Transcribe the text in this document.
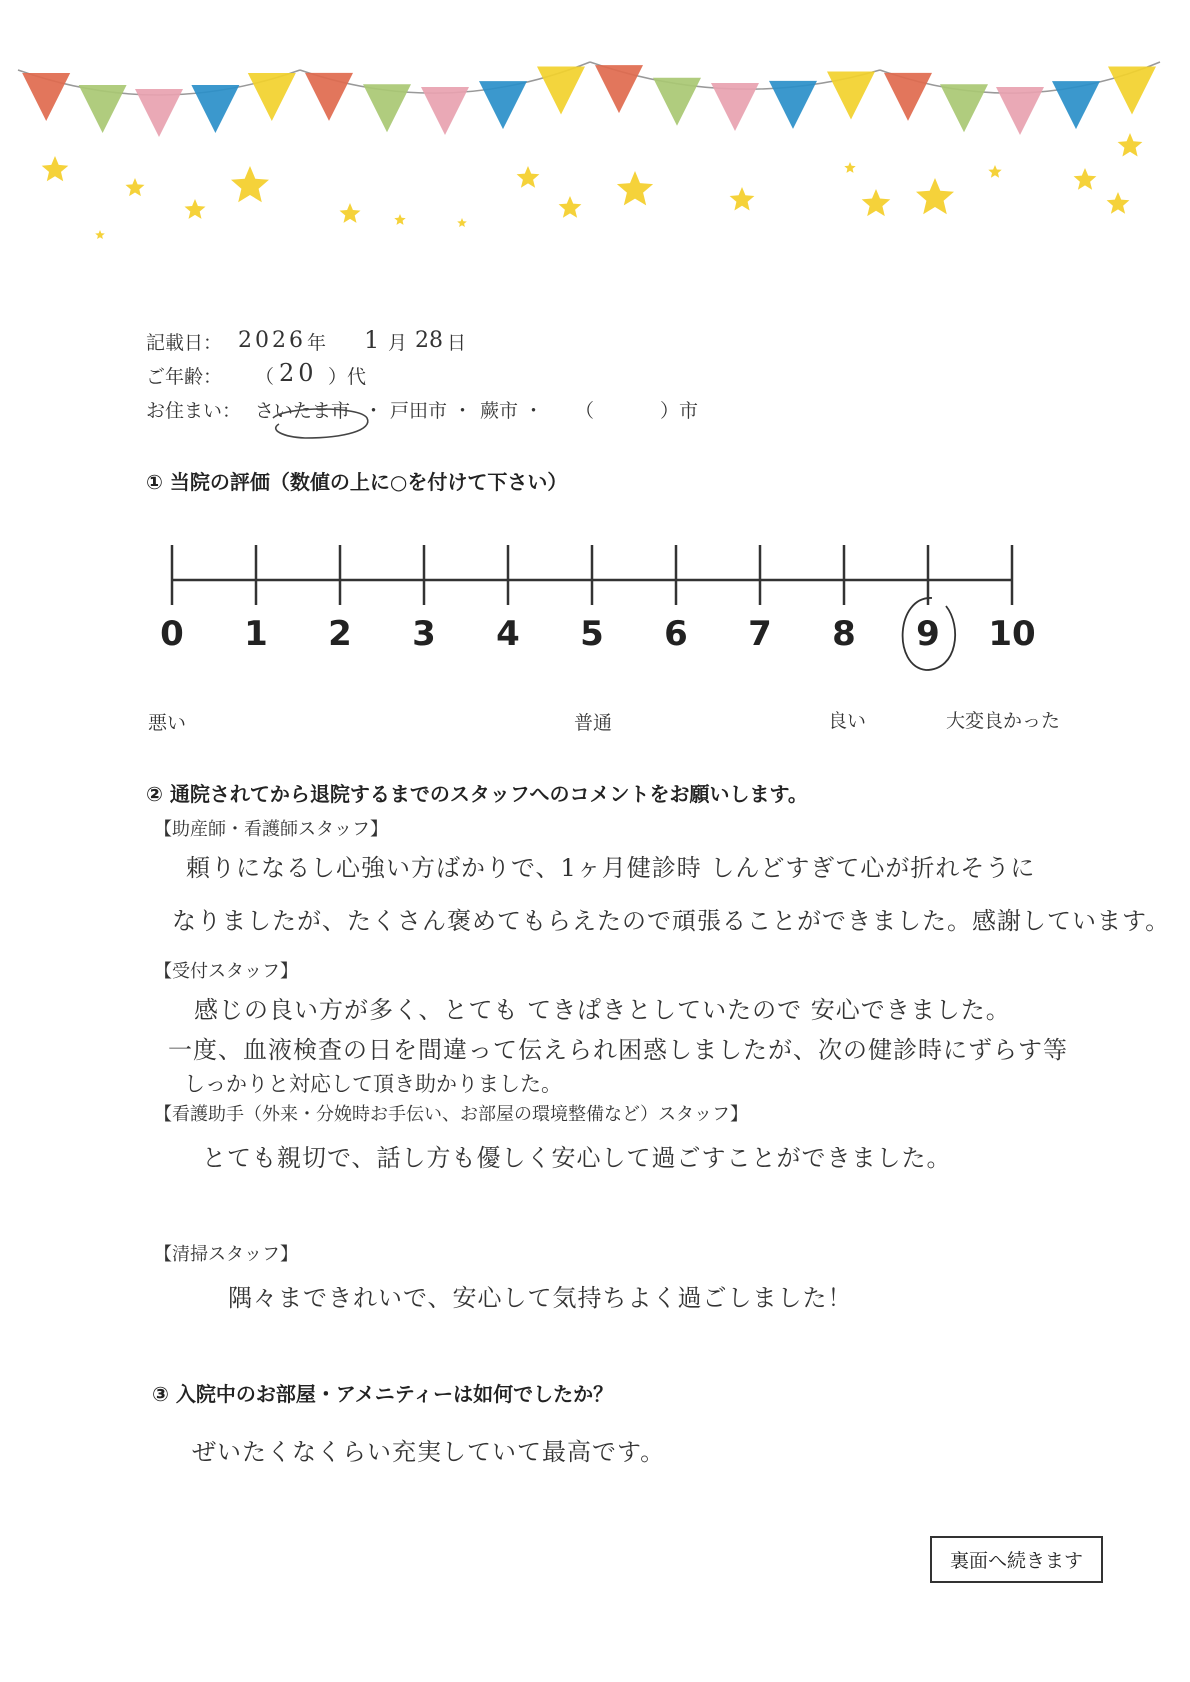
記載日： 2026 年 1 月 28 日
ご年齢： （ 20 ）代
お住まい： さいたま市 ・ 戸田市 ・ 蕨市 ・ （	）市
① 当院の評価（数値の上に○を付けて下さい）
0	1	2	3	4	5	6	7	8	9	10
悪い	普通	良い	大変良かった
② 通院されてから退院するまでのスタッフへのコメントをお願いします。
【助産師・看護師スタッフ】
頼りになるし心強い方ばかりで、1ヶ月健診時 しんどすぎて心が折れそうに
なりましたが、たくさん褒めてもらえたので頑張ることができました。感謝しています。
【受付スタッフ】
感じの良い方が多く、とても てきぱきとしていたので 安心できました。
一度、血液検査の日を間違って伝えられ困惑しましたが、次の健診時にずらす等
しっかりと対応して頂き助かりました。
【看護助手（外来・分娩時お手伝い、お部屋の環境整備など）スタッフ】
とても親切で、話し方も優しく安心して過ごすことができました。
【清掃スタッフ】
隅々まできれいで、安心して気持ちよく過ごしました！
③ 入院中のお部屋・アメニティーは如何でしたか？
ぜいたくなくらい充実していて最高です。
裏面へ続きます
